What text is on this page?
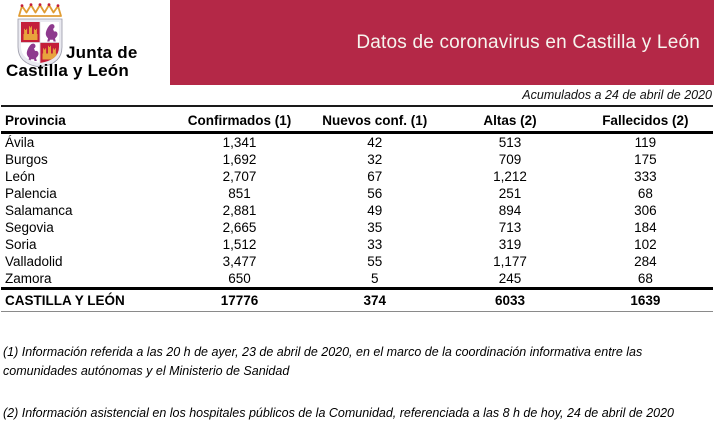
Junta de
Castilla y León
Datos de coronavirus en Castilla y León
Acumulados a 24 de abril de 2020
Provincia	Confirmados (1)	Nuevos conf. (1)	Altas (2)	Fallecidos (2)
Ávila	1,341	42	513	119
Burgos	1,692	32	709	175
León	2,707	67	1,212	333
Palencia	851	56	251	68
Salamanca	2,881	49	894	306
Segovia	2,665	35	713	184
Soria	1,512	33	319	102
Valladolid	3,477	55	1,177	284
Zamora	650	5	245	68
CASTILLA Y LEÓN	17776	374	6033	1639

(1) Información referida a las 20 h de ayer, 23 de abril de 2020, en el marco de la coordinación informativa entre las comunidades autónomas y el Ministerio de Sanidad

(2) Información asistencial en los hospitales públicos de la Comunidad, referenciada a las 8 h de hoy, 24 de abril de 2020
